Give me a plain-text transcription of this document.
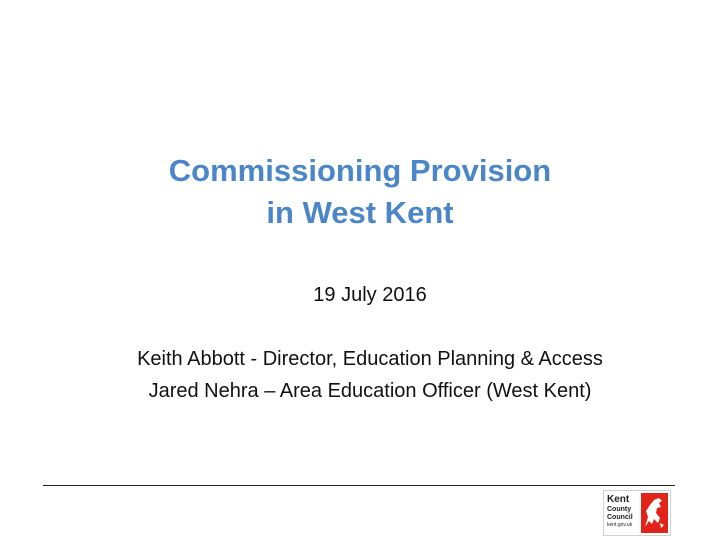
Commissioning Provision
in West Kent
19 July 2016
Keith Abbott - Director, Education Planning & Access
Jared Nehra – Area Education Officer (West Kent)
Kent
County
Council
kent.gov.uk
